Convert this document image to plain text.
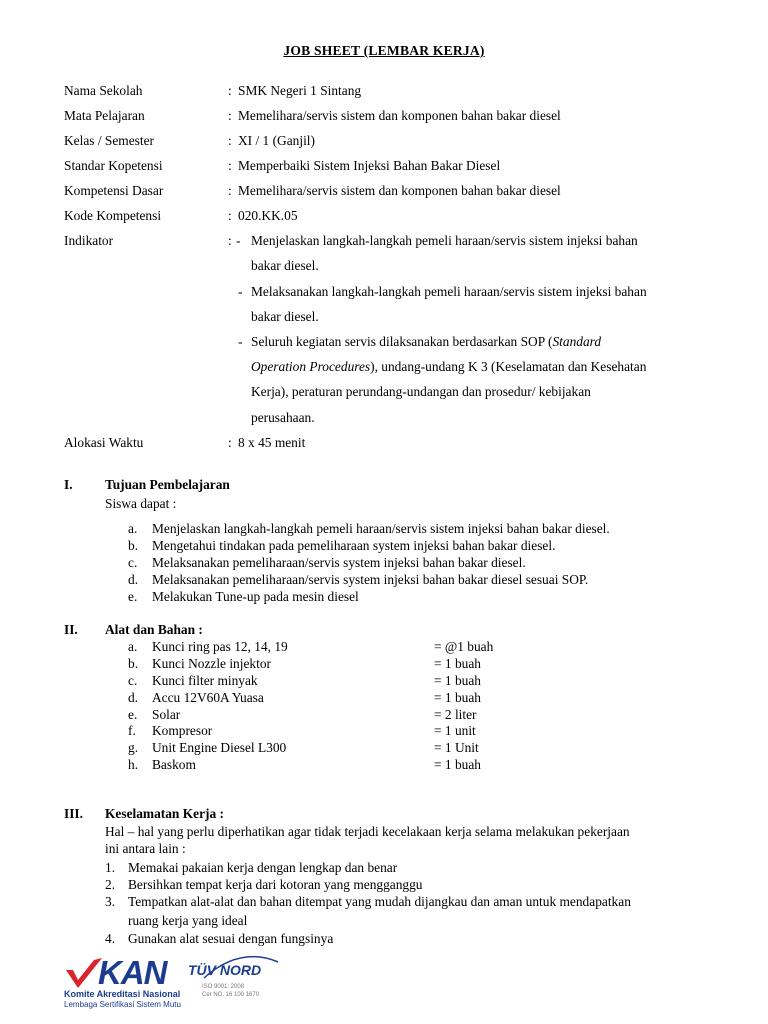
JOB SHEET (LEMBAR KERJA)
Nama Sekolah	: SMK Negeri 1 Sintang
Mata Pelajaran	: Memelihara/servis sistem dan komponen bahan bakar diesel
Kelas / Semester	: XI / 1 (Ganjil)
Standar Kopetensi	: Memperbaiki Sistem Injeksi Bahan Bakar Diesel
Kompetensi Dasar	: Memelihara/servis sistem dan komponen bahan bakar diesel
Kode Kompetensi	: 020.KK.05
Indikator	: - Menjelaskan langkah-langkah pemeli haraan/servis sistem injeksi bahan
bakar diesel.
- Melaksanakan langkah-langkah pemeli haraan/servis sistem injeksi bahan
bakar diesel.
- Seluruh kegiatan servis dilaksanakan berdasarkan SOP (Standard
Operation Procedures), undang-undang K 3 (Keselamatan dan Kesehatan
Kerja), peraturan perundang-undangan dan prosedur/ kebijakan
perusahaan.
Alokasi Waktu	: 8 x 45 menit
I. Tujuan Pembelajaran
Siswa dapat :
a. Menjelaskan langkah-langkah pemeli haraan/servis sistem injeksi bahan bakar diesel.
b. Mengetahui tindakan pada pemeliharaan system injeksi bahan bakar diesel.
c. Melaksanakan pemeliharaan/servis system injeksi bahan bakar diesel.
d. Melaksanakan pemeliharaan/servis system injeksi bahan bakar diesel sesuai SOP.
e. Melakukan Tune-up pada mesin diesel
II. Alat dan Bahan :
a. Kunci ring pas 12, 14, 19	= @1 buah
b. Kunci Nozzle injektor	= 1 buah
c. Kunci filter minyak	= 1 buah
d. Accu 12V60A Yuasa	= 1 buah
e. Solar	= 2 liter
f. Kompresor	= 1 unit
g. Unit Engine Diesel L300	= 1 Unit
h. Baskom	= 1 buah
III. Keselamatan Kerja :
Hal – hal yang perlu diperhatikan agar tidak terjadi kecelakaan kerja selama melakukan pekerjaan
ini antara lain :
1. Memakai pakaian kerja dengan lengkap dan benar
2. Bersihkan tempat kerja dari kotoran yang mengganggu
3. Tempatkan alat-alat dan bahan ditempat yang mudah dijangkau dan aman untuk mendapatkan
ruang kerja yang ideal
4. Gunakan alat sesuai dengan fungsinya
KAN
Komite Akreditasi Nasional
Lembaga Sertifikasi Sistem Mutu
TÜV NORD
ISO 9001: 2008
Cer NO. 16 100 1670
